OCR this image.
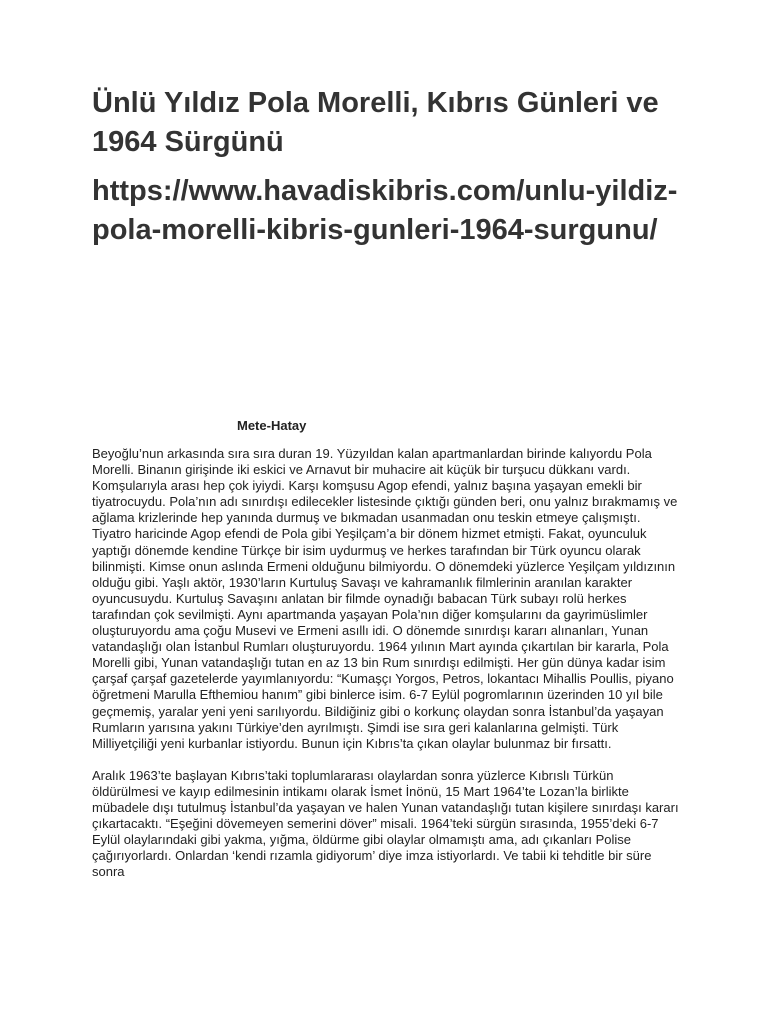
Ünlü Yıldız Pola Morelli, Kıbrıs Günleri ve 1964 Sürgünü
https://www.havadiskibris.com/unlu-yildiz-pola-morelli-kibris-gunleri-1964-surgunu/

Mete-Hatay

Beyoğlu’nun arkasında sıra sıra duran 19. Yüzyıldan kalan apartmanlardan birinde kalıyordu Pola Morelli. Binanın girişinde iki eskici ve Arnavut bir muhacire ait küçük bir turşucu dükkanı vardı. Komşularıyla arası hep çok iyiydi. Karşı komşusu Agop efendi, yalnız başına yaşayan emekli bir tiyatrocuydu. Pola’nın adı sınırdışı edilecekler listesinde çıktığı günden beri, onu yalnız bırakmamış ve ağlama krizlerinde hep yanında durmuş ve bıkmadan usanmadan onu teskin etmeye çalışmıştı. Tiyatro haricinde Agop efendi de Pola gibi Yeşilçam’a bir dönem hizmet etmişti. Fakat, oyunculuk yaptığı dönemde kendine Türkçe bir isim uydurmuş ve herkes tarafından bir Türk oyuncu olarak bilinmişti. Kimse onun aslında Ermeni olduğunu bilmiyordu. O dönemdeki yüzlerce Yeşilçam yıldızının olduğu gibi. Yaşlı aktör, 1930’ların Kurtuluş Savaşı ve kahramanlık filmlerinin aranılan karakter oyuncusuydu. Kurtuluş Savaşını anlatan bir filmde oynadığı babacan Türk subayı rolü herkes tarafından çok sevilmişti. Aynı apartmanda yaşayan Pola’nın diğer komşularını da gayrimüslimler oluşturuyordu ama çoğu Musevi ve Ermeni asıllı idi. O dönemde sınırdışı kararı alınanları, Yunan vatandaşlığı olan İstanbul Rumları oluşturuyordu. 1964 yılının Mart ayında çıkartılan bir kararla, Pola Morelli gibi, Yunan vatandaşlığı tutan en az 13 bin Rum sınırdışı edilmişti. Her gün dünya kadar isim çarşaf çarşaf gazetelerde yayımlanıyordu: “Kumaşçı Yorgos, Petros, lokantacı Mihallis Poullis, piyano öğretmeni Marulla Efthemiou hanım” gibi binlerce isim. 6-7 Eylül pogromlarının üzerinden 10 yıl bile geçmemiş, yaralar yeni yeni sarılıyordu. Bildiğiniz gibi o korkunç olaydan sonra İstanbul’da yaşayan Rumların yarısına yakını Türkiye’den ayrılmıştı. Şimdi ise sıra geri kalanlarına gelmişti. Türk Milliyetçiliği yeni kurbanlar istiyordu. Bunun için Kıbrıs’ta çıkan olaylar bulunmaz bir fırsattı.

Aralık 1963’te başlayan Kıbrıs’taki toplumlararası olaylardan sonra yüzlerce Kıbrıslı Türkün öldürülmesi ve kayıp edilmesinin intikamı olarak İsmet İnönü, 15 Mart 1964’te Lozan’la birlikte mübadele dışı tutulmuş İstanbul’da yaşayan ve halen Yunan vatandaşlığı tutan kişilere sınırdaşı kararı çıkartacaktı. “Eşeğini dövemeyen semerini döver” misali. 1964’teki sürgün sırasında, 1955’deki 6-7 Eylül olaylarındaki gibi yakma, yığma, öldürme gibi olaylar olmamıştı ama, adı çıkanları Polise çağırıyorlardı. Onlardan ‘kendi rızamla gidiyorum’ diye imza istiyorlardı. Ve tabii ki tehditle bir süre sonra
